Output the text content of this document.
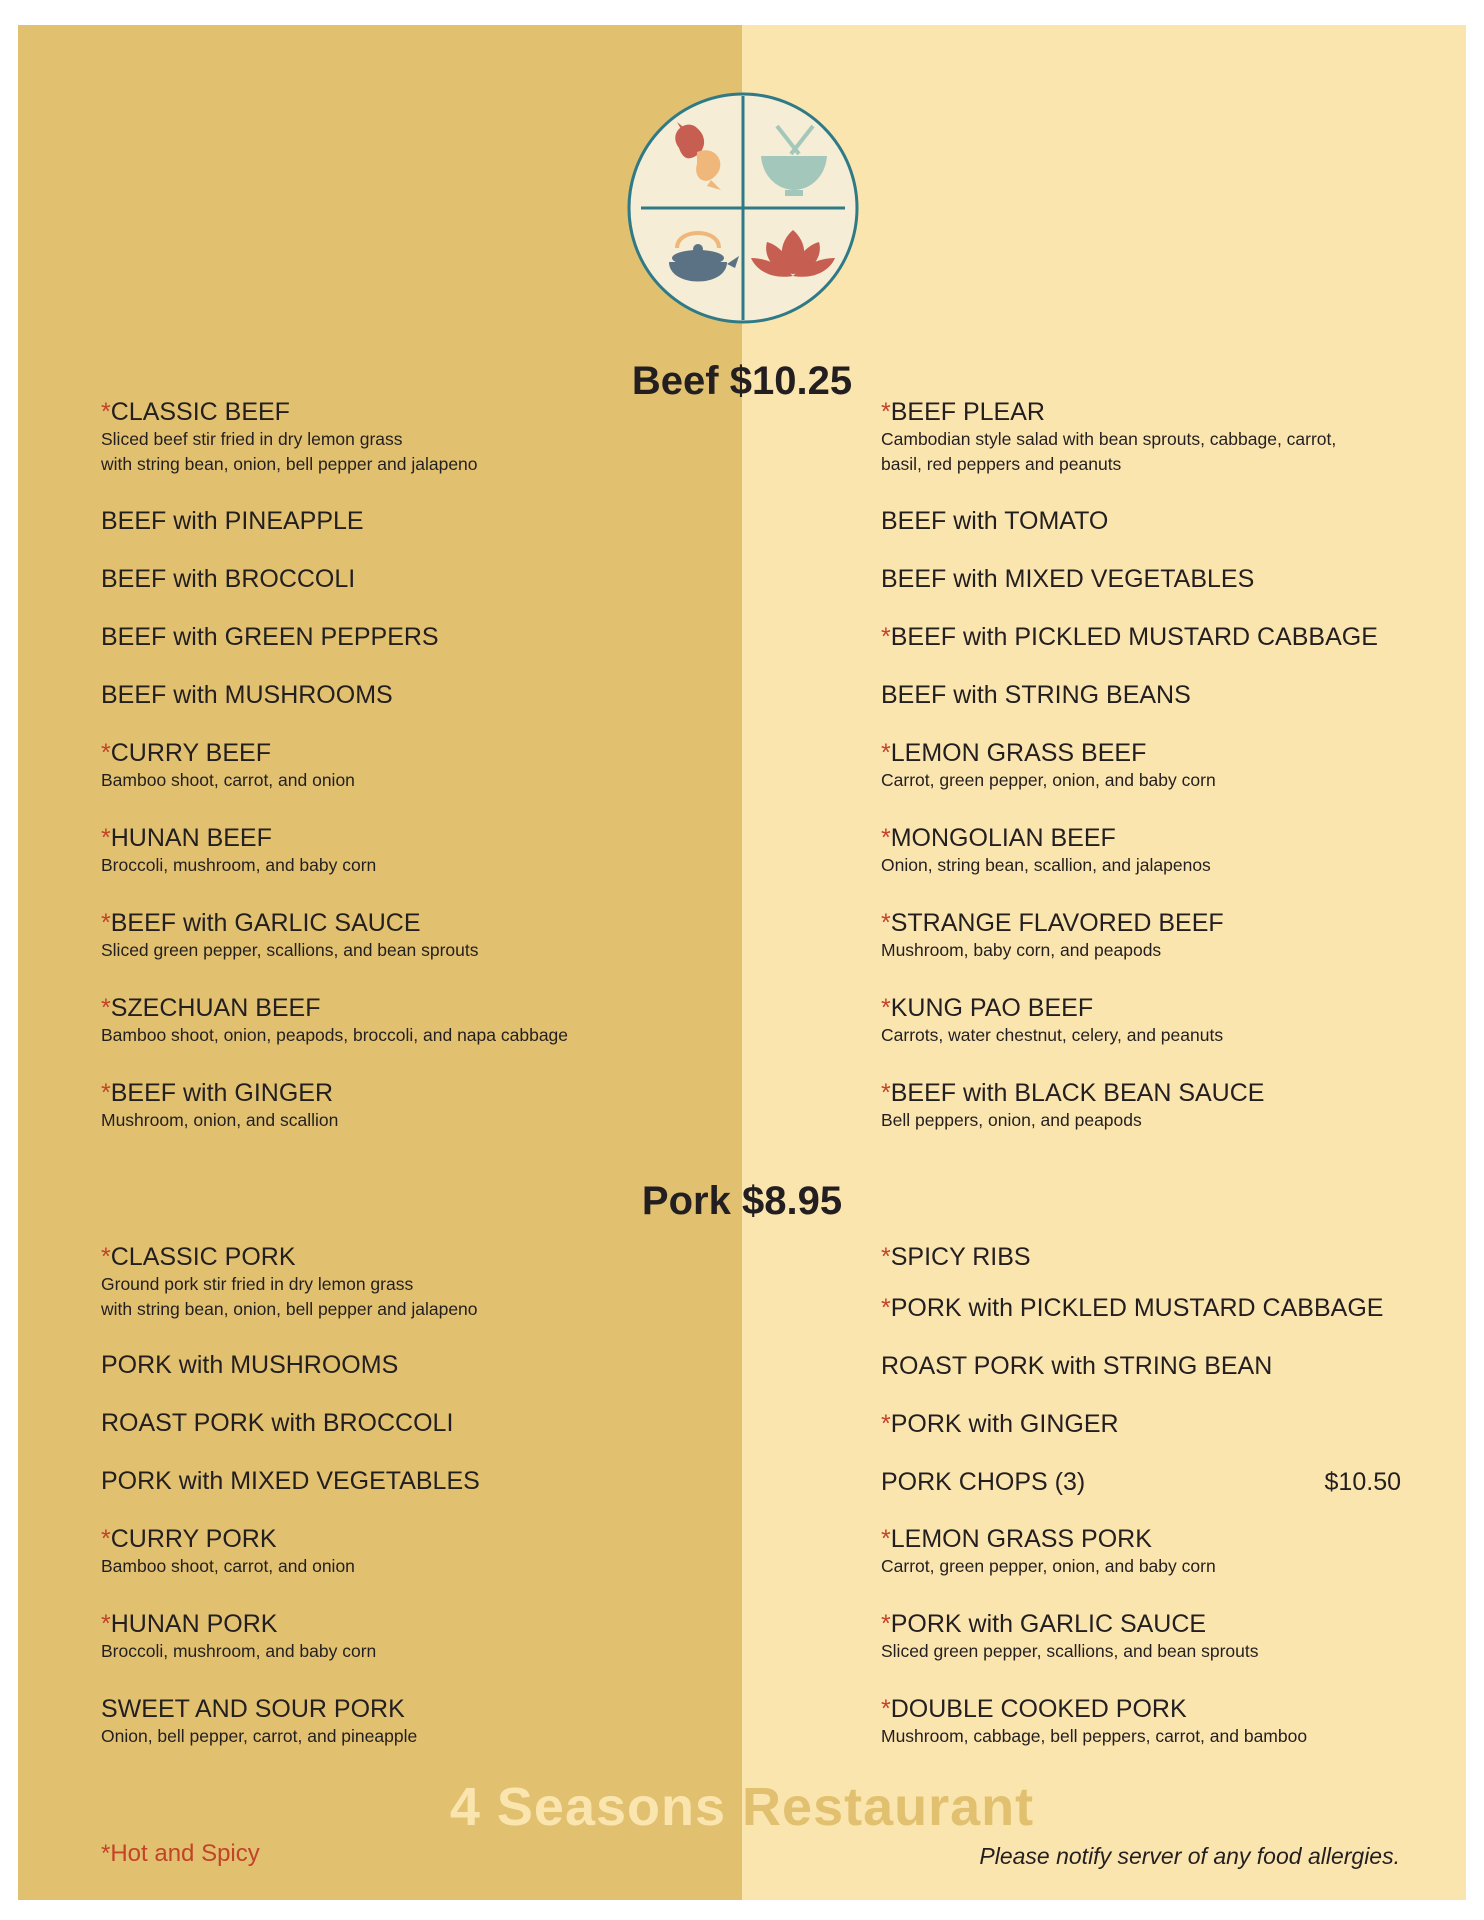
Beef $10.25
*CLASSIC BEEF
Sliced beef stir fried in dry lemon grass
with string bean, onion, bell pepper and jalapeno
BEEF with PINEAPPLE
BEEF with BROCCOLI
BEEF with GREEN PEPPERS
BEEF with MUSHROOMS
*CURRY BEEF
Bamboo shoot, carrot, and onion
*HUNAN BEEF
Broccoli, mushroom, and baby corn
*BEEF with GARLIC SAUCE
Sliced green pepper, scallions, and bean sprouts
*SZECHUAN BEEF
Bamboo shoot, onion, peapods, broccoli, and napa cabbage
*BEEF with GINGER
Mushroom, onion, and scallion
*BEEF PLEAR
Cambodian style salad with bean sprouts, cabbage, carrot,
basil, red peppers and peanuts
BEEF with TOMATO
BEEF with MIXED VEGETABLES
*BEEF with PICKLED MUSTARD CABBAGE
BEEF with STRING BEANS
*LEMON GRASS BEEF
Carrot, green pepper, onion, and baby corn
*MONGOLIAN BEEF
Onion, string bean, scallion, and jalapenos
*STRANGE FLAVORED BEEF
Mushroom, baby corn, and peapods
*KUNG PAO BEEF
Carrots, water chestnut, celery, and peanuts
*BEEF with BLACK BEAN SAUCE
Bell peppers, onion, and peapods
Pork $8.95
*CLASSIC PORK
Ground pork stir fried in dry lemon grass
with string bean, onion, bell pepper and jalapeno
PORK with MUSHROOMS
ROAST PORK with BROCCOLI
PORK with MIXED VEGETABLES
*CURRY PORK
Bamboo shoot, carrot, and onion
*HUNAN PORK
Broccoli, mushroom, and baby corn
SWEET AND SOUR PORK
Onion, bell pepper, carrot, and pineapple
*SPICY RIBS
*PORK with PICKLED MUSTARD CABBAGE
ROAST PORK with STRING BEAN
*PORK with GINGER
PORK CHOPS (3)	$10.50
*LEMON GRASS PORK
Carrot, green pepper, onion, and baby corn
*PORK with GARLIC SAUCE
Sliced green pepper, scallions, and bean sprouts
*DOUBLE COOKED PORK
Mushroom, cabbage, bell peppers, carrot, and bamboo
4 Seasons Restaurant
*Hot and Spicy	Please notify server of any food allergies.
